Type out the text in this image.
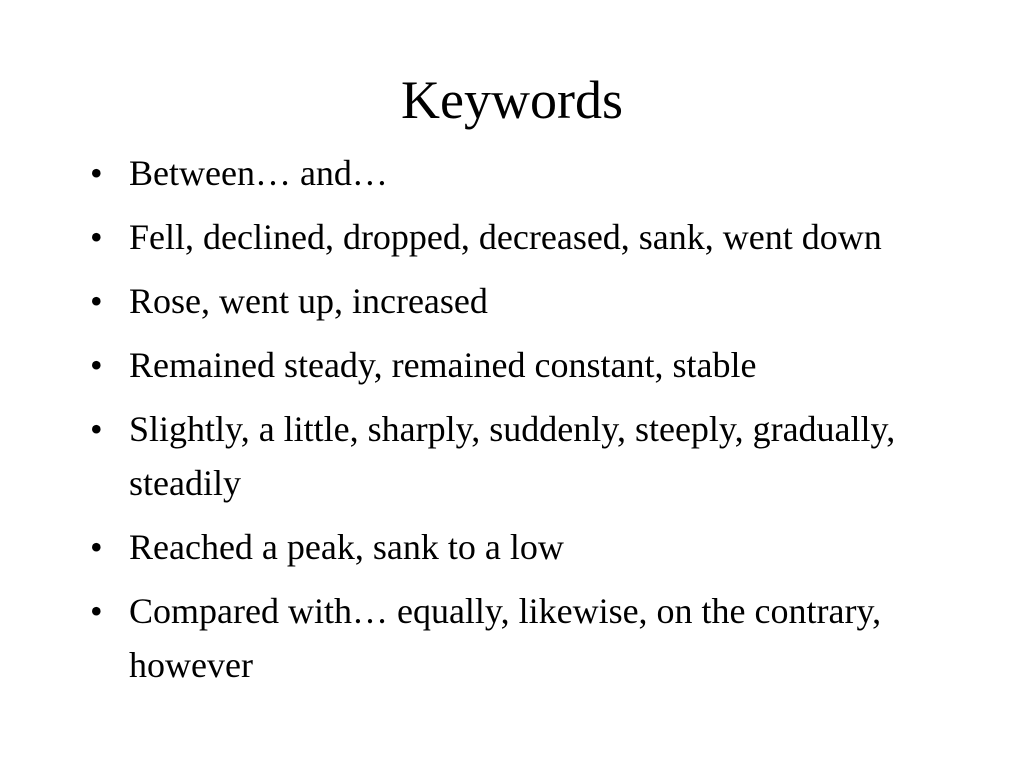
Keywords
• Between… and…
• Fell, declined, dropped, decreased, sank, went down
• Rose, went up, increased
• Remained steady, remained constant, stable
• Slightly, a little, sharply, suddenly, steeply, gradually, steadily
• Reached a peak, sank to a low
• Compared with… equally, likewise, on the contrary, however
